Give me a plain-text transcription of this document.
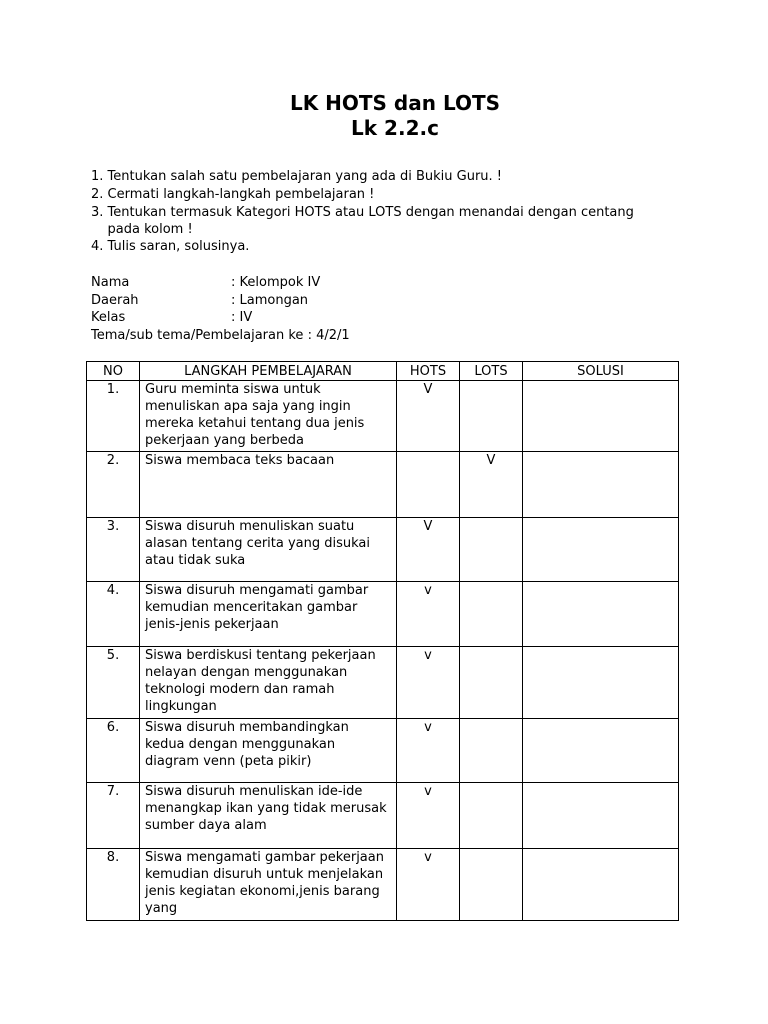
LK HOTS dan LOTS
Lk 2.2.c
1. Tentukan salah satu pembelajaran yang ada di Bukiu Guru. !
2. Cermati langkah-langkah pembelajaran !
3. Tentukan termasuk Kategori HOTS atau LOTS dengan menandai dengan centang
pada kolom !
4. Tulis saran, solusinya.
Nama	: Kelompok IV
Daerah	: Lamongan
Kelas	: IV
Tema/sub tema/Pembelajaran ke : 4/2/1
NO	LANGKAH PEMBELAJARAN	HOTS	LOTS	SOLUSI
1.	Guru meminta siswa untuk menuliskan apa saja yang ingin mereka ketahui tentang dua jenis pekerjaan yang berbeda	V		
2.	Siswa membaca teks bacaan		V	
3.	Siswa disuruh menuliskan suatu alasan tentang cerita yang disukai atau tidak suka	V		
4.	Siswa disuruh mengamati gambar kemudian menceritakan gambar jenis-jenis pekerjaan	v		
5.	Siswa berdiskusi tentang pekerjaan nelayan dengan menggunakan teknologi modern dan ramah lingkungan	v		
6.	Siswa disuruh membandingkan kedua dengan menggunakan diagram venn (peta pikir)	v		
7.	Siswa disuruh menuliskan ide-ide menangkap ikan yang tidak merusak sumber daya alam	v		
8.	Siswa mengamati gambar pekerjaan kemudian disuruh untuk menjelakan jenis kegiatan ekonomi,jenis barang yang	v		
